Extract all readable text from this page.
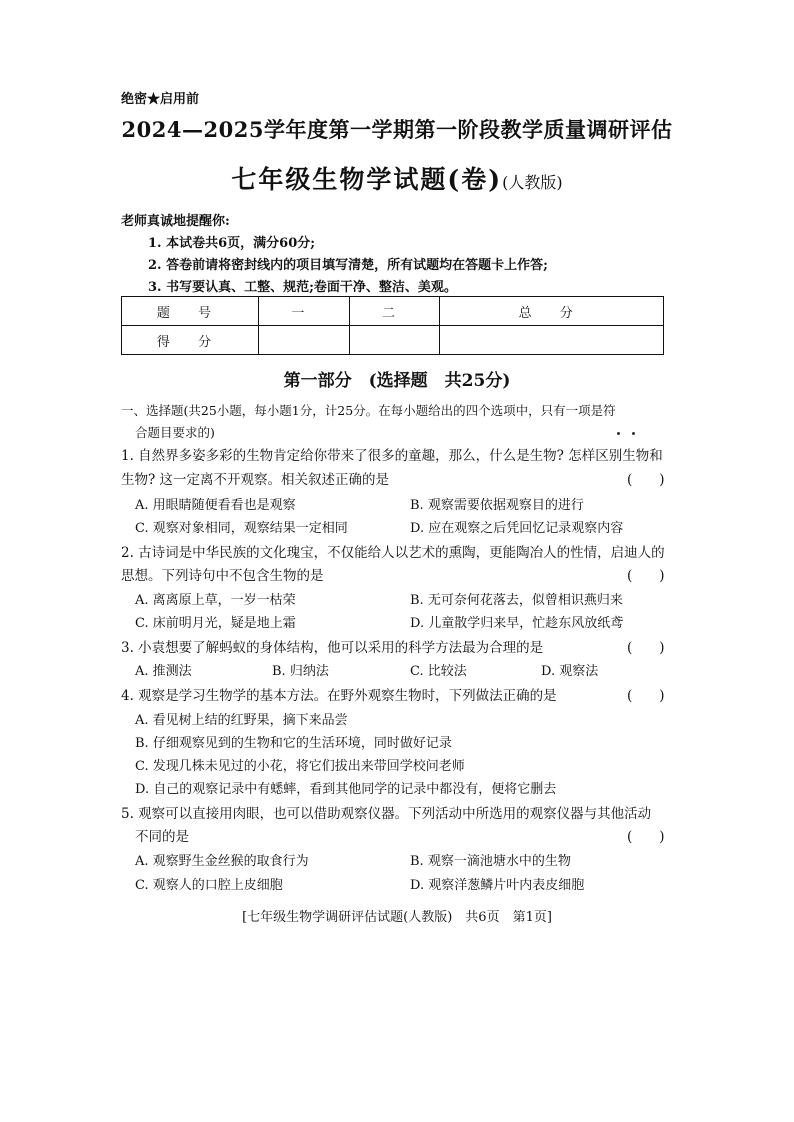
绝密★启用前
2024—2025学年度第一学期第一阶段教学质量调研评估
七年级生物学试题(卷)(人教版)
老师真诚地提醒你:
1. 本试卷共6页，满分60分;
2. 答卷前请将密封线内的项目填写清楚，所有试题均在答题卡上作答;
3. 书写要认真、工整、规范;卷面干净、整洁、美观。
题 号	一	二	总 分
得 分			
第一部分　(选择题　共25分)
一、选择题(共25小题，每小题1分，计25分。在每小题给出的四个选项中，只有一项是符
合题目要求的)
1. 自然界多姿多彩的生物肯定给你带来了很多的童趣，那么，什么是生物? 怎样区别生物和
生物? 这一定离不开观察。相关叙述正确的是	(　　)
A. 用眼睛随便看看也是观察	B. 观察需要依据观察目的进行
C. 观察对象相同，观察结果一定相同	D. 应在观察之后凭回忆记录观察内容
2. 古诗词是中华民族的文化瑰宝，不仅能给人以艺术的熏陶，更能陶冶人的性情，启迪人的
思想。下列诗句中不包含生物的是	(　　)
A. 离离原上草，一岁一枯荣	B. 无可奈何花落去，似曾相识燕归来
C. 床前明月光，疑是地上霜	D. 儿童散学归来早，忙趁东风放纸鸢
3. 小袁想要了解蚂蚁的身体结构，他可以采用的科学方法最为合理的是	(　　)
A. 推测法	B. 归纳法	C. 比较法	D. 观察法
4. 观察是学习生物学的基本方法。在野外观察生物时，下列做法正确的是	(　　)
A. 看见树上结的红野果，摘下来品尝
B. 仔细观察见到的生物和它的生活环境，同时做好记录
C. 发现几株未见过的小花，将它们拔出来带回学校问老师
D. 自己的观察记录中有蟋蟀，看到其他同学的记录中都没有，便将它删去
5. 观察可以直接用肉眼，也可以借助观察仪器。下列活动中所选用的观察仪器与其他活动
不同的是	(　　)
A. 观察野生金丝猴的取食行为	B. 观察一滴池塘水中的生物
C. 观察人的口腔上皮细胞	D. 观察洋葱鳞片叶内表皮细胞
[七年级生物学调研评估试题(人教版)　共6页　第1页]
